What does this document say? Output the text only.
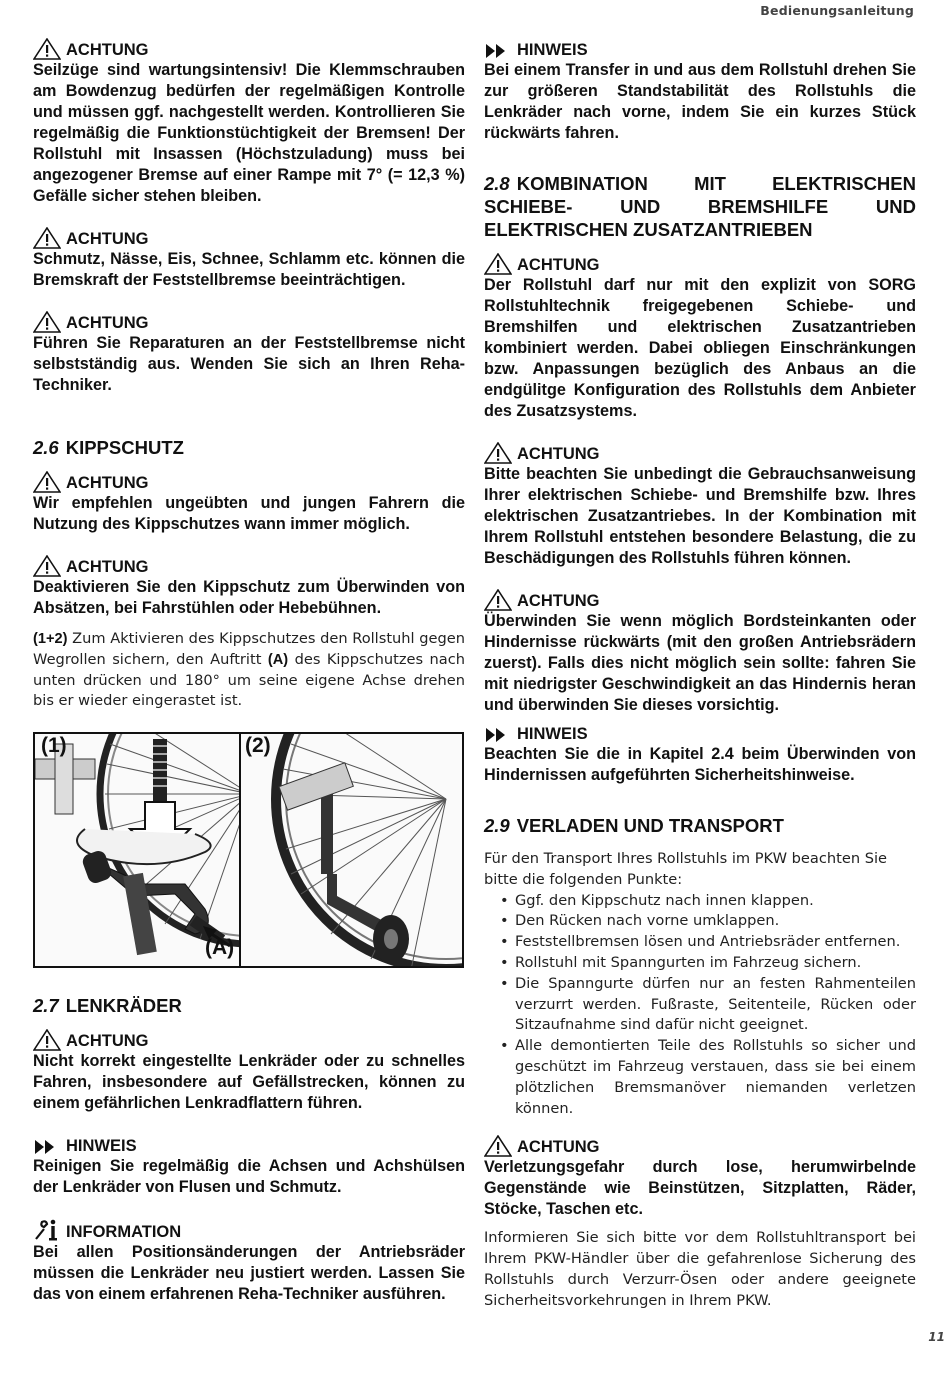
Bedienungsanleitung
ACHTUNG

Seilzüge sind wartungsintensiv! Die Klemmschrauben am Bowdenzug bedürfen der regelmäßigen Kontrolle und müssen ggf. nachgestellt werden. Kontrollieren Sie regelmäßig die Funktionstüchtigkeit der Bremsen! Der Rollstuhl mit Insassen (Höchstzuladung) muss bei angezogener Bremse auf einer Rampe mit 7° (= 12,3 %) Gefälle sicher stehen bleiben.

ACHTUNG

Schmutz, Nässe, Eis, Schnee, Schlamm etc. können die Bremskraft der Feststellbremse beeinträchtigen.

ACHTUNG

Führen Sie Reparaturen an der Feststellbremse nicht selbstständig aus. Wenden Sie sich an Ihren Reha-Techniker.

2.6 KIPPSCHUTZ
ACHTUNG

Wir empfehlen ungeübten und jungen Fahrern die Nutzung des Kippschutzes wann immer möglich.

ACHTUNG

Deaktivieren Sie den Kippschutz zum Überwinden von Absätzen, bei Fahrstühlen oder Hebebühnen.

(1+2) Zum Aktivieren des Kippschutzes den Rollstuhl gegen Wegrollen sichern, den Auftritt (A) des Kippschutzes nach unten drücken und 180° um seine eigene Achse drehen bis er wieder eingerastet ist.

(1)
(A)
(2)
2.7 LENKRÄDER
ACHTUNG

Nicht korrekt eingestellte Lenkräder oder zu schnelles Fahren, insbesondere auf Gefällstrecken, können zu einem gefährlichen Lenkradflattern führen.

HINWEIS

Reinigen Sie regelmäßig die Achsen und Achshülsen der Lenkräder von Flusen und Schmutz.

INFORMATION

Bei allen Positionsänderungen der Antriebsräder müssen die Lenkräder neu justiert werden. Lassen Sie das von einem erfahrenen Reha-Techniker ausführen.

HINWEIS

Bei einem Transfer in und aus dem Rollstuhl drehen Sie zur größeren Standstabilität des Rollstuhls die Lenkräder nach vorne, indem Sie ein kurzes Stück rückwärts fahren.

2.8 KOMBINATION MIT ELEKTRISCHEN SCHIEBE- UND BREMSHILFE UND ELEKTRISCHEN ZUSATZANTRIEBEN
ACHTUNG

Der Rollstuhl darf nur mit den explizit von SORG Rollstuhltechnik freigegebenen Schiebe- und Bremshilfen und elektrischen Zusatzantrieben kombiniert werden. Dabei obliegen Einschränkungen bzw. Anpassungen bezüglich des Anbaus an die endgülitge Konfiguration des Rollstuhls dem Anbieter des Zusatzsystems.

ACHTUNG

Bitte beachten Sie unbedingt die Gebrauchsanweisung Ihrer elektrischen Schiebe- und Bremshilfe bzw. Ihres elektrischen Zusatzantriebes. In der Kombination mit Ihrem Rollstuhl entstehen besondere Belastung, die zu Beschädigungen des Rollstuhls führen können.

ACHTUNG

Überwinden Sie wenn möglich Bordsteinkanten oder Hindernisse rückwärts (mit den großen Antriebsrädern zuerst). Falls dies nicht möglich sein sollte: fahren Sie mit niedrigster Geschwindigkeit an das Hindernis heran und überwinden Sie dieses vorsichtig.

HINWEIS

Beachten Sie die in Kapitel 2.4 beim Überwinden von Hindernissen aufgeführten Sicherheitshinweise.

2.9 VERLADEN UND TRANSPORT

Für den Transport Ihres Rollstuhls im PKW beachten Sie bitte die folgenden Punkte:

• Ggf. den Kippschutz nach innen klappen.
• Den Rücken nach vorne umklappen.
• Feststellbremsen lösen und Antriebsräder entfernen.
• Rollstuhl mit Spanngurten im Fahrzeug sichern.
• Die Spanngurte dürfen nur an festen Rahmenteilen verzurrt werden. Fußraste, Seitenteile, Rücken oder Sitzaufnahme sind dafür nicht geeignet.
• Alle demontierten Teile des Rollstuhls so sicher und geschützt im Fahrzeug verstauen, dass sie bei einem plötzlichen Bremsmanöver niemanden verletzen können.
ACHTUNG

Verletzungsgefahr durch lose, herumwirbelnde Gegenstände wie Beinstützen, Sitzplatten, Räder, Stöcke, Taschen etc.

Informieren Sie sich bitte vor dem Rollstuhltransport bei Ihrem PKW-Händler über die gefahrenlose Sicherung des Rollstuhls durch Verzurr-Ösen oder andere geeignete Sicherheitsvorkehrungen in Ihrem PKW.

11
